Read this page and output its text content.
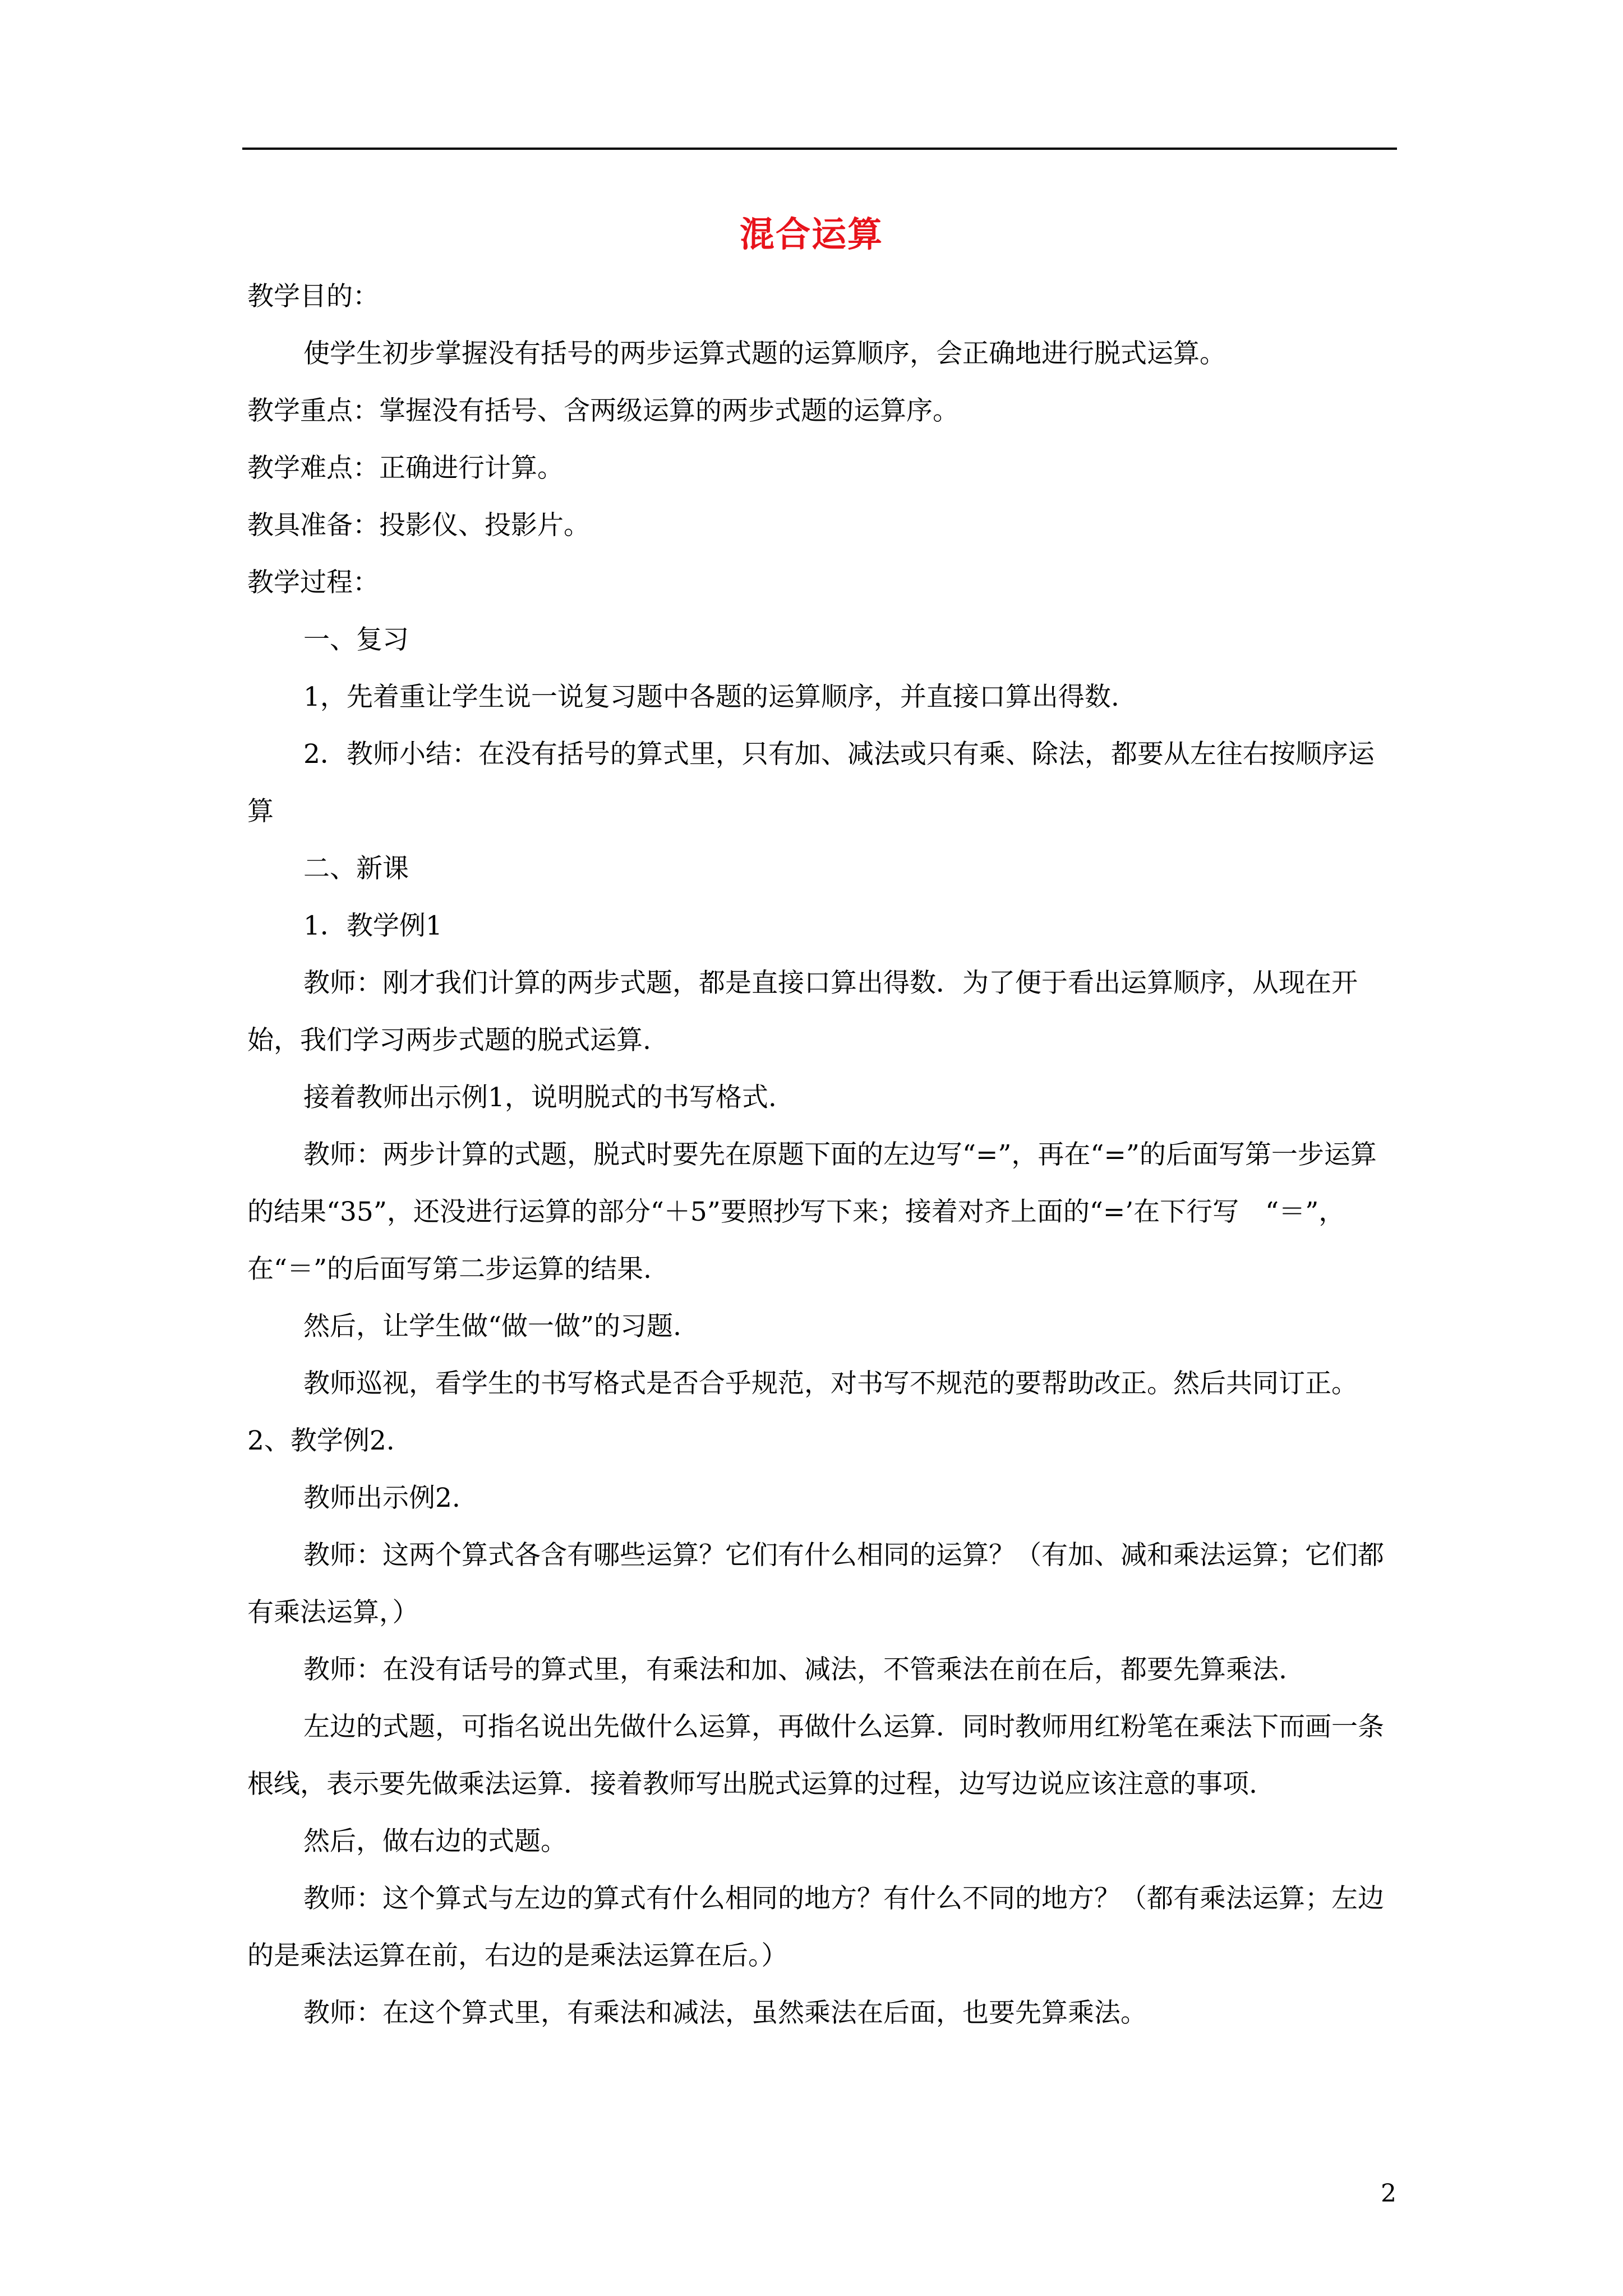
混合运算

教学目的：

使学生初步掌握没有括号的两步运算式题的运算顺序，会正确地进行脱式运算。

教学重点：掌握没有括号、含两级运算的两步式题的运算序。

教学难点：正确进行计算。

教具准备：投影仪、投影片。

教学过程：

一、复习

1，先着重让学生说一说复习题中各题的运算顺序，并直接口算出得数.

2．教师小结：在没有括号的算式里，只有加、减法或只有乘、除法，都要从左往右按顺序运算

二、新课

1．教学例1

教师：刚才我们计算的两步式题，都是直接口算出得数．为了便于看出运算顺序，从现在开始，我们学习两步式题的脱式运算.

接着教师出示例1，说明脱式的书写格式.

教师：两步计算的式题，脱式时要先在原题下面的左边写“=”，再在“=”的后面写第一步运算的结果“35”，还没进行运算的部分“＋5”要照抄写下来；接着对齐上面的“=’在下行写　“＝”，在“＝”的后面写第二步运算的结果.

然后，让学生做“做一做”的习题.

教师巡视，看学生的书写格式是否合乎规范，对书写不规范的要帮助改正。然后共同订正。2、教学例2.

教师出示例2.

教师：这两个算式各含有哪些运算？它们有什么相同的运算？（有加、减和乘法运算；它们都有乘法运算，）

教师：在没有话号的算式里，有乘法和加、减法，不管乘法在前在后，都要先算乘法.

左边的式题，可指名说出先做什么运算，再做什么运算．同时教师用红粉笔在乘法下而画一条根线，表示要先做乘法运算．接着教师写出脱式运算的过程，边写边说应该注意的事项.

然后，做右边的式题。

教师：这个算式与左边的算式有什么相同的地方？有什么不同的地方？（都有乘法运算；左边的是乘法运算在前，右边的是乘法运算在后。）

教师：在这个算式里，有乘法和减法，虽然乘法在后面，也要先算乘法。

2
